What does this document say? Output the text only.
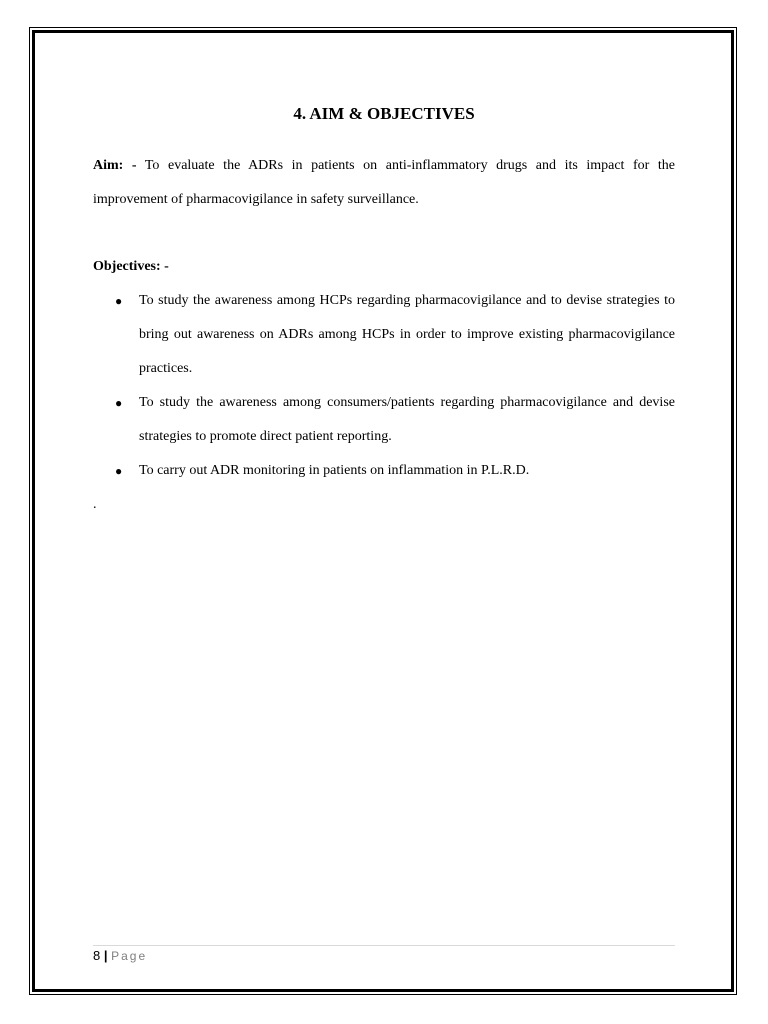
4. AIM & OBJECTIVES

Aim: - To evaluate the ADRs in patients on anti-inflammatory drugs and its impact for the improvement of pharmacovigilance in safety surveillance.

Objectives: -
● To study the awareness among HCPs regarding pharmacovigilance and to devise strategies to bring out awareness on ADRs among HCPs in order to improve existing pharmacovigilance practices.
● To study the awareness among consumers/patients regarding pharmacovigilance and devise strategies to promote direct patient reporting.
● To carry out ADR monitoring in patients on inflammation in P.L.R.D.
.
8 | Page
